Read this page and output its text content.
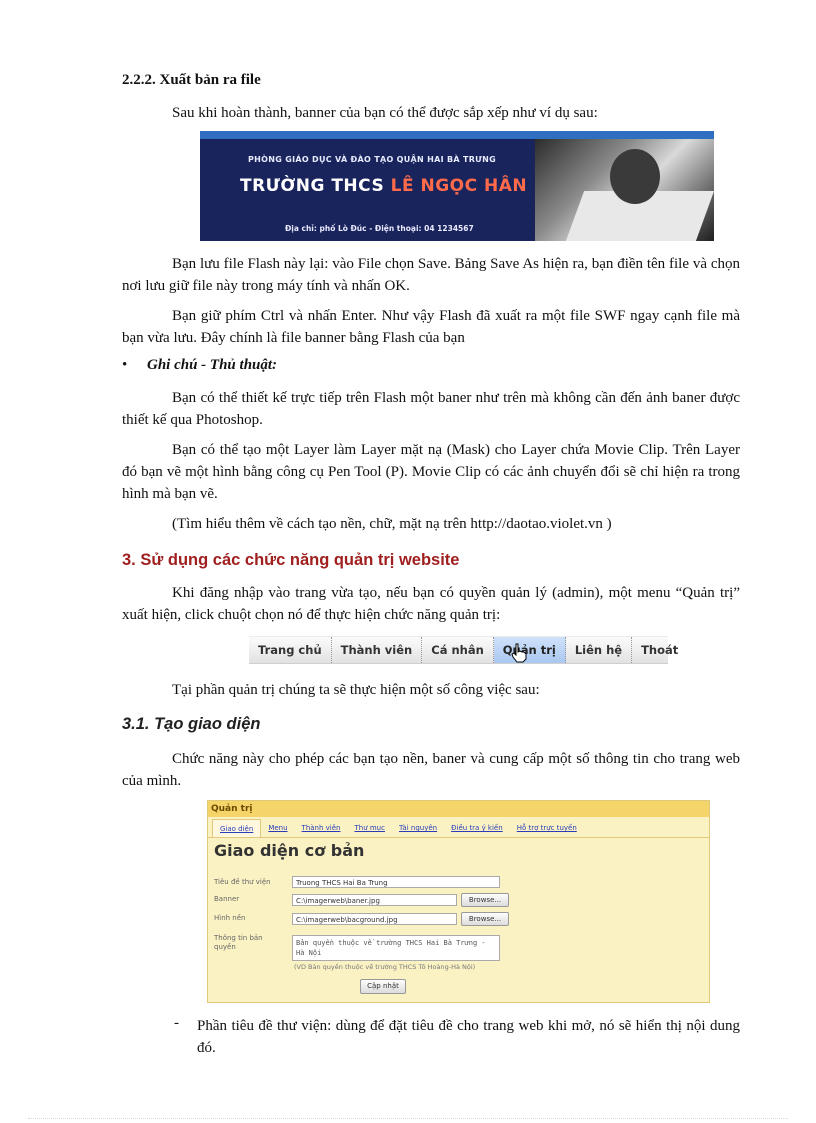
2.2.2. Xuất bản ra file
Sau khi hoàn thành, banner của bạn có thể được sắp xếp như ví dụ sau:
PHÒNG GIÁO DỤC VÀ ĐÀO TẠO QUẬN HAI BÀ TRƯNG
TRƯỜNG THCS LÊ NGỌC HÂN
Địa chỉ: phố Lò Đúc - Điện thoại: 04 1234567
Bạn lưu file Flash này lại: vào File chọn Save. Bảng Save As hiện ra, bạn điền tên file và chọn nơi lưu giữ file này trong máy tính và nhấn OK.
Bạn giữ phím Ctrl và nhấn Enter. Như vậy Flash đã xuất ra một file SWF ngay cạnh file mà bạn vừa lưu. Đây chính là file banner bằng Flash của bạn
• Ghi chú - Thủ thuật:
Bạn có thể thiết kế trực tiếp trên Flash một baner như trên mà không cần đến ảnh baner được thiết kế qua Photoshop.
Bạn có thể tạo một Layer làm Layer mặt nạ (Mask) cho Layer chứa Movie Clip. Trên Layer đó bạn vẽ một hình bằng công cụ Pen Tool (P). Movie Clip có các ảnh chuyển đổi sẽ chỉ hiện ra trong hình mà bạn vẽ.
(Tìm hiểu thêm về cách tạo nền, chữ, mặt nạ trên http://daotao.violet.vn )
3. Sử dụng các chức năng quản trị website
Khi đăng nhập vào trang vừa tạo, nếu bạn có quyền quản lý (admin), một menu “Quản trị” xuất hiện, click chuột chọn nó để thực hiện chức năng quản trị:
Trang chủ	Thành viên	Cá nhân	Quản trị	Liên hệ	Thoát
Tại phần quản trị chúng ta sẽ thực hiện một số công việc sau:
3.1. Tạo giao diện
Chức năng này cho phép các bạn tạo nền, baner và cung cấp một số thông tin cho trang web của mình.
Quản trị
Giao diện	Menu	Thành viên	Thư mục	Tài nguyên	Điều tra ý kiến	Hỗ trợ trực tuyến
Giao diện cơ bản
Tiêu đề thư viện	Truong THCS Hai Ba Trung
Banner	C:\imagerweb\baner.jpg	Browse...
Hình nền	C:\imagerweb\bacground.jpg	Browse...
Thông tin bản quyền	Bản quyền thuộc về trường THCS Hai Bà Trưng - Hà Nội
(VD Bản quyền thuộc về trường THCS Tô Hoàng-Hà Nội)
Cập nhật
- Phần tiêu đề thư viện: dùng để đặt tiêu đề cho trang web khi mở, nó sẽ hiển thị nội dung đó.
